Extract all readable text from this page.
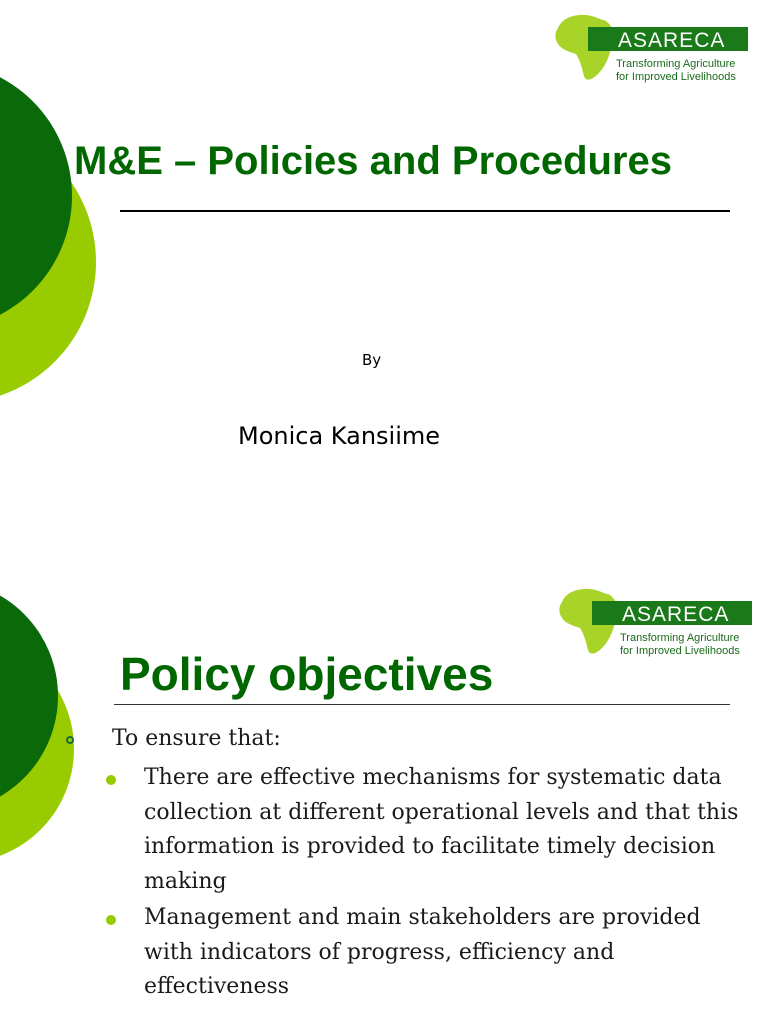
ASARECA
Transforming Agriculture
for Improved Livelihoods
M&E – Policies and Procedures
By
Monica Kansiime
ASARECA
Transforming Agriculture
for Improved Livelihoods
Policy objectives
To ensure that:
There are effective mechanisms for systematic data collection at different operational levels and that this information is provided to facilitate timely decision making
Management and main stakeholders are provided with indicators of progress, efficiency and effectiveness
